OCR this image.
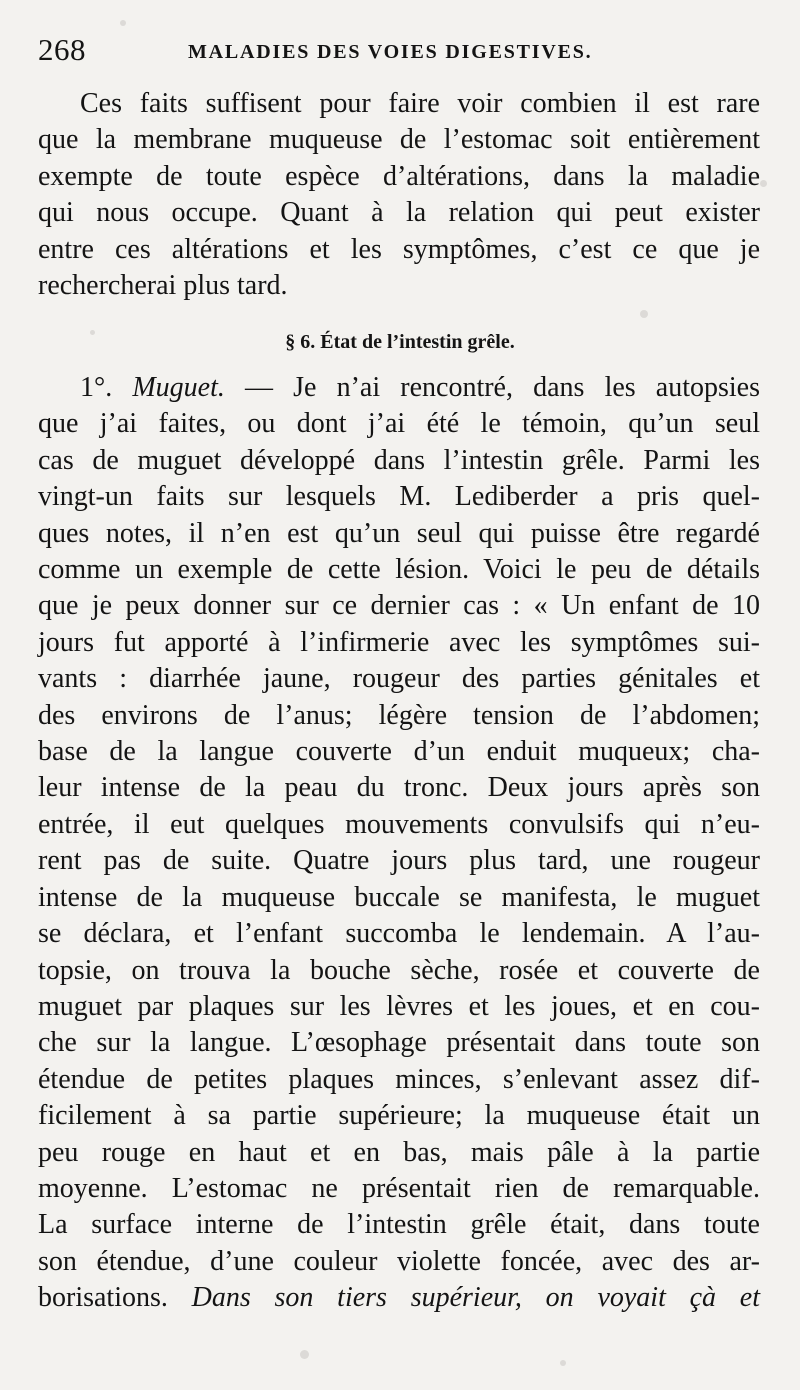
268	MALADIES DES VOIES DIGESTIVES.
Ces faits suffisent pour faire voir combien il est rare
que la membrane muqueuse de l’estomac soit entièrement
exempte de toute espèce d’altérations, dans la maladie
qui nous occupe. Quant à la relation qui peut exister
entre ces altérations et les symptômes, c’est ce que je
rechercherai plus tard.
§ 6. État de l’intestin grêle.
1°. Muguet. — Je n’ai rencontré, dans les autopsies
que j’ai faites, ou dont j’ai été le témoin, qu’un seul
cas de muguet développé dans l’intestin grêle. Parmi les
vingt-un faits sur lesquels M. Lediberder a pris quel-
ques notes, il n’en est qu’un seul qui puisse être regardé
comme un exemple de cette lésion. Voici le peu de détails
que je peux donner sur ce dernier cas : « Un enfant de 10
jours fut apporté à l’infirmerie avec les symptômes sui-
vants : diarrhée jaune, rougeur des parties génitales et
des environs de l’anus; légère tension de l’abdomen;
base de la langue couverte d’un enduit muqueux; cha-
leur intense de la peau du tronc. Deux jours après son
entrée, il eut quelques mouvements convulsifs qui n’eu-
rent pas de suite. Quatre jours plus tard, une rougeur
intense de la muqueuse buccale se manifesta, le muguet
se déclara, et l’enfant succomba le lendemain. A l’au-
topsie, on trouva la bouche sèche, rosée et couverte de
muguet par plaques sur les lèvres et les joues, et en cou-
che sur la langue. L’œsophage présentait dans toute son
étendue de petites plaques minces, s’enlevant assez dif-
ficilement à sa partie supérieure; la muqueuse était un
peu rouge en haut et en bas, mais pâle à la partie
moyenne. L’estomac ne présentait rien de remarquable.
La surface interne de l’intestin grêle était, dans toute
son étendue, d’une couleur violette foncée, avec des ar-
borisations. Dans son tiers supérieur, on voyait çà et
